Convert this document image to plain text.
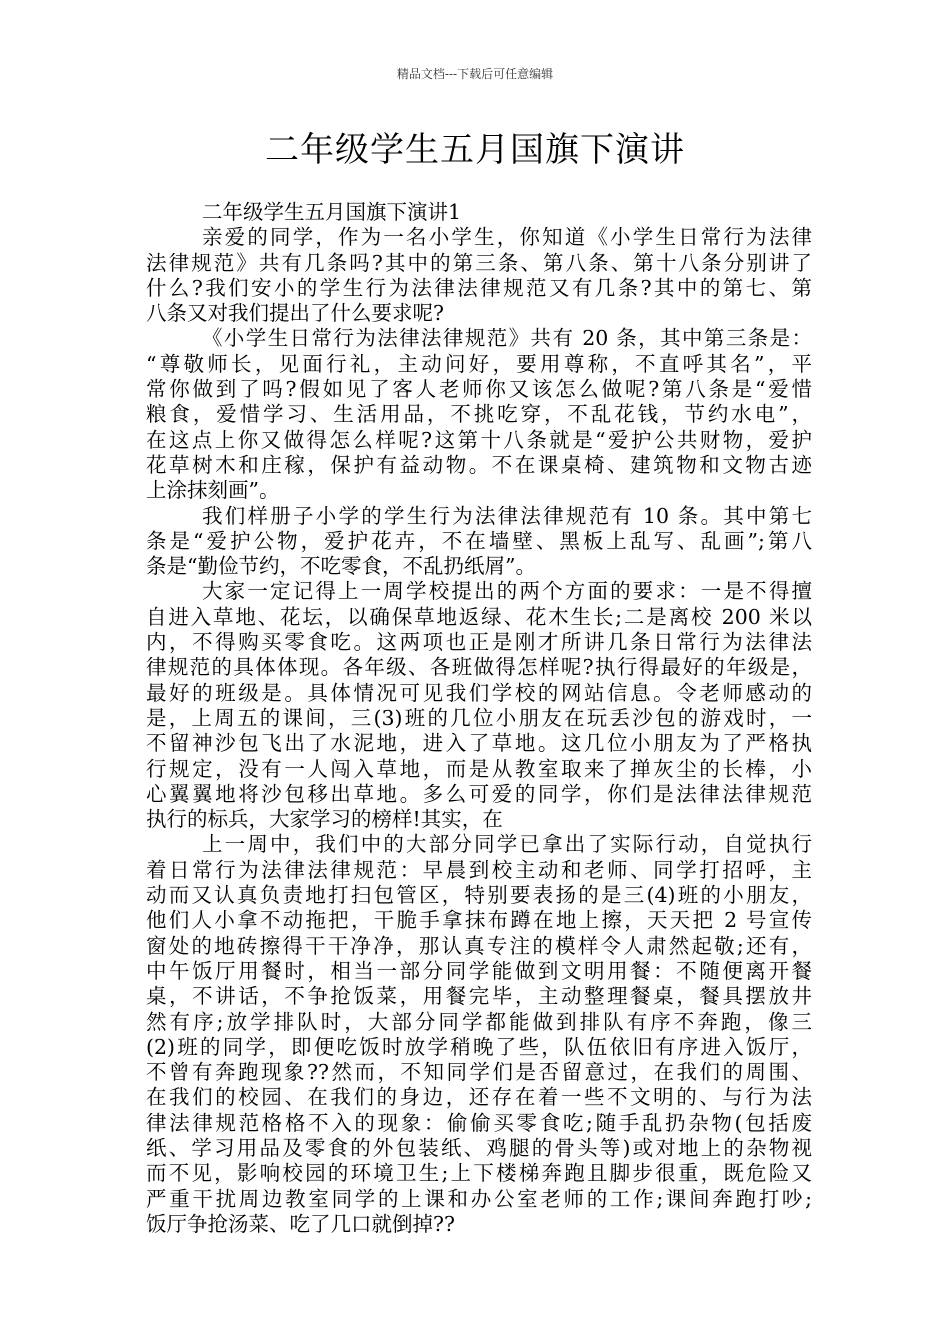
精品文档---下载后可任意编辑
二年级学生五月国旗下演讲
二年级学生五月国旗下演讲1
亲爱的同学，作为一名小学生，你知道《小学生日常行为法律
法律规范》共有几条吗?其中的第三条、第八条、第十八条分别讲了
什么?我们安小的学生行为法律法律规范又有几条?其中的第七、第
八条又对我们提出了什么要求呢?
《小学生日常行为法律法律规范》共有 20 条，其中第三条是：
“尊敬师长，见面行礼，主动问好，要用尊称，不直呼其名”，平
常你做到了吗?假如见了客人老师你又该怎么做呢?第八条是“爱惜
粮食，爱惜学习、生活用品，不挑吃穿，不乱花钱，节约水电”，
在这点上你又做得怎么样呢?这第十八条就是“爱护公共财物，爱护
花草树木和庄稼，保护有益动物。不在课桌椅、建筑物和文物古迹
上涂抹刻画”。
我们样册子小学的学生行为法律法律规范有 10 条。其中第七
条是“爱护公物，爱护花卉，不在墙壁、黑板上乱写、乱画”;第八
条是“勤俭节约，不吃零食，不乱扔纸屑”。
大家一定记得上一周学校提出的两个方面的要求：一是不得擅
自进入草地、花坛，以确保草地返绿、花木生长;二是离校 200 米以
内，不得购买零食吃。这两项也正是刚才所讲几条日常行为法律法
律规范的具体体现。各年级、各班做得怎样呢?执行得最好的年级是，
最好的班级是。具体情况可见我们学校的网站信息。令老师感动的
是，上周五的课间，三(3)班的几位小朋友在玩丢沙包的游戏时，一
不留神沙包飞出了水泥地，进入了草地。这几位小朋友为了严格执
行规定，没有一人闯入草地，而是从教室取来了掸灰尘的长棒，小
心翼翼地将沙包移出草地。多么可爱的同学，你们是法律法律规范
执行的标兵，大家学习的榜样!其实，在
上一周中，我们中的大部分同学已拿出了实际行动，自觉执行
着日常行为法律法律规范：早晨到校主动和老师、同学打招呼，主
动而又认真负责地打扫包管区，特别要表扬的是三(4)班的小朋友，
他们人小拿不动拖把，干脆手拿抹布蹲在地上擦，天天把 2 号宣传
窗处的地砖擦得干干净净，那认真专注的模样令人肃然起敬;还有，
中午饭厅用餐时，相当一部分同学能做到文明用餐：不随便离开餐
桌，不讲话，不争抢饭菜，用餐完毕，主动整理餐桌，餐具摆放井
然有序;放学排队时，大部分同学都能做到排队有序不奔跑，像三
(2)班的同学，即便吃饭时放学稍晚了些，队伍依旧有序进入饭厅，
不曾有奔跑现象??然而，不知同学们是否留意过，在我们的周围、
在我们的校园、在我们的身边，还存在着一些不文明的、与行为法
律法律规范格格不入的现象：偷偷买零食吃;随手乱扔杂物(包括废
纸、学习用品及零食的外包装纸、鸡腿的骨头等)或对地上的杂物视
而不见，影响校园的环境卫生;上下楼梯奔跑且脚步很重，既危险又
严重干扰周边教室同学的上课和办公室老师的工作;课间奔跑打吵;
饭厅争抢汤菜、吃了几口就倒掉??
